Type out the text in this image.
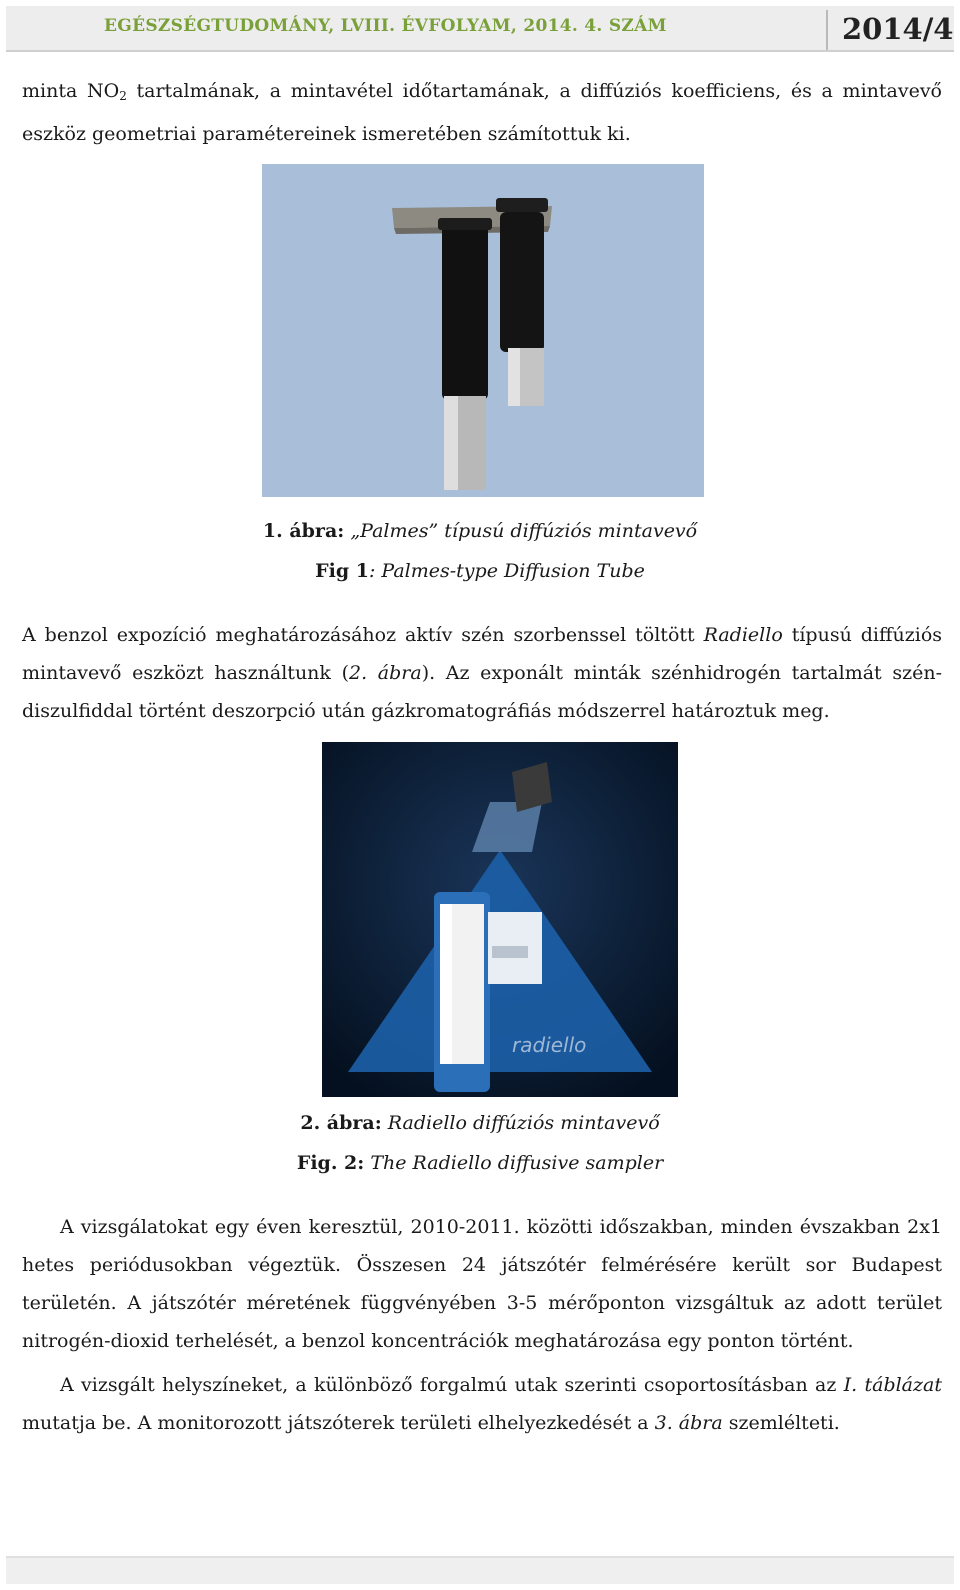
EGÉSZSÉGTUDOMÁNY, LVIII. ÉVFOLYAM, 2014. 4. SZÁM	2014/4

minta $NO_2$ tartalmának, a mintavétel időtartamának, a diffúziós koefficiens, és a mintavevő eszköz geometriai paramétereinek ismeretében számítottuk ki.

1. ábra: „Palmes” típusú diffúziós mintavevő
Fig 1: Palmes-type Diffusion Tube

A benzol expozíció meghatározásához aktív szén szorbenssel töltött Radiello típusú diffúziós mintavevő eszközt használtunk (2. ábra). Az exponált minták szénhidrogén tartalmát szén-diszulfiddal történt deszorpció után gázkromatográfiás módszerrel határoztuk meg.

radiello
2. ábra: Radiello diffúziós mintavevő
Fig. 2: The Radiello diffusive sampler

A vizsgálatokat egy éven keresztül, 2010-2011. közötti időszakban, minden évszakban 2x1 hetes periódusokban végeztük. Összesen 24 játszótér felmérésére került sor Budapest területén. A játszótér méretének függvényében 3-5 mérőponton vizsgáltuk az adott terület nitrogén-dioxid terhelését, a benzol koncentrációk meghatározása egy ponton történt.

A vizsgált helyszíneket, a különböző forgalmú utak szerinti csoportosításban az I. táblázat mutatja be. A monitorozott játszóterek területi elhelyezkedését a 3. ábra szemlélteti.
